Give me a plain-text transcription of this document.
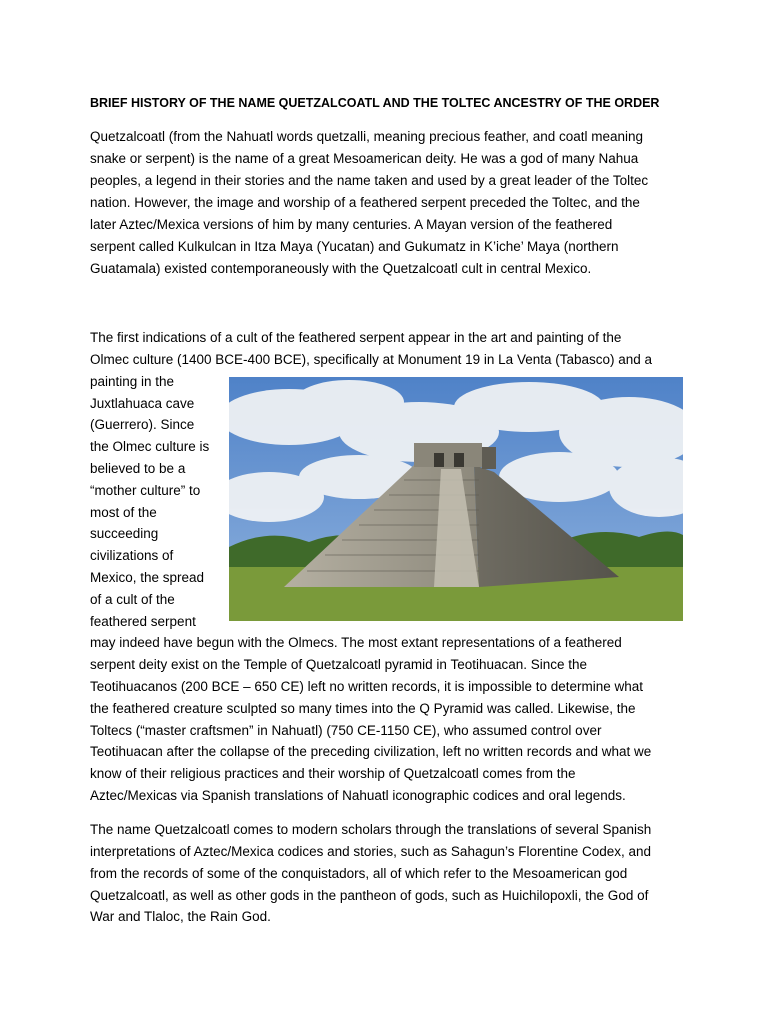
BRIEF HISTORY OF THE NAME QUETZALCOATL AND THE TOLTEC ANCESTRY OF THE ORDER
Quetzalcoatl (from the Nahuatl words quetzalli, meaning precious feather, and coatl meaning
snake or serpent) is the name of a great Mesoamerican deity. He was a god of many Nahua
peoples, a legend in their stories and the name taken and used by a great leader of the Toltec
nation. However, the image and worship of a feathered serpent preceded the Toltec, and the
later Aztec/Mexica versions of him by many centuries. A Mayan version of the feathered
serpent called Kulkulcan in Itza Maya (Yucatan) and Gukumatz in K’iche’ Maya (northern
Guatamala) existed contemporaneously with the Quetzalcoatl cult in central Mexico.
The first indications of a cult of the feathered serpent appear in the art and painting of the
Olmec culture (1400 BCE-400 BCE), specifically at Monument 19 in La Venta (Tabasco) and a
painting in the
Juxtlahuaca cave
(Guerrero). Since
the Olmec culture is
believed to be a
“mother culture” to
most of the
succeeding
civilizations of
Mexico, the spread
of a cult of the
feathered serpent
may indeed have begun with the Olmecs. The most extant representations of a feathered
serpent deity exist on the Temple of Quetzalcoatl pyramid in Teotihuacan. Since the
Teotihuacanos (200 BCE – 650 CE) left no written records, it is impossible to determine what
the feathered creature sculpted so many times into the Q Pyramid was called. Likewise, the
Toltecs (“master craftsmen” in Nahuatl) (750 CE-1150 CE), who assumed control over
Teotihuacan after the collapse of the preceding civilization, left no written records and what we
know of their religious practices and their worship of Quetzalcoatl comes from the
Aztec/Mexicas via Spanish translations of Nahuatl iconographic codices and oral legends.
The name Quetzalcoatl comes to modern scholars through the translations of several Spanish
interpretations of Aztec/Mexica codices and stories, such as Sahagun’s Florentine Codex, and
from the records of some of the conquistadors, all of which refer to the Mesoamerican god
Quetzalcoatl, as well as other gods in the pantheon of gods, such as Huichilopoxli, the God of
War and Tlaloc, the Rain God.
